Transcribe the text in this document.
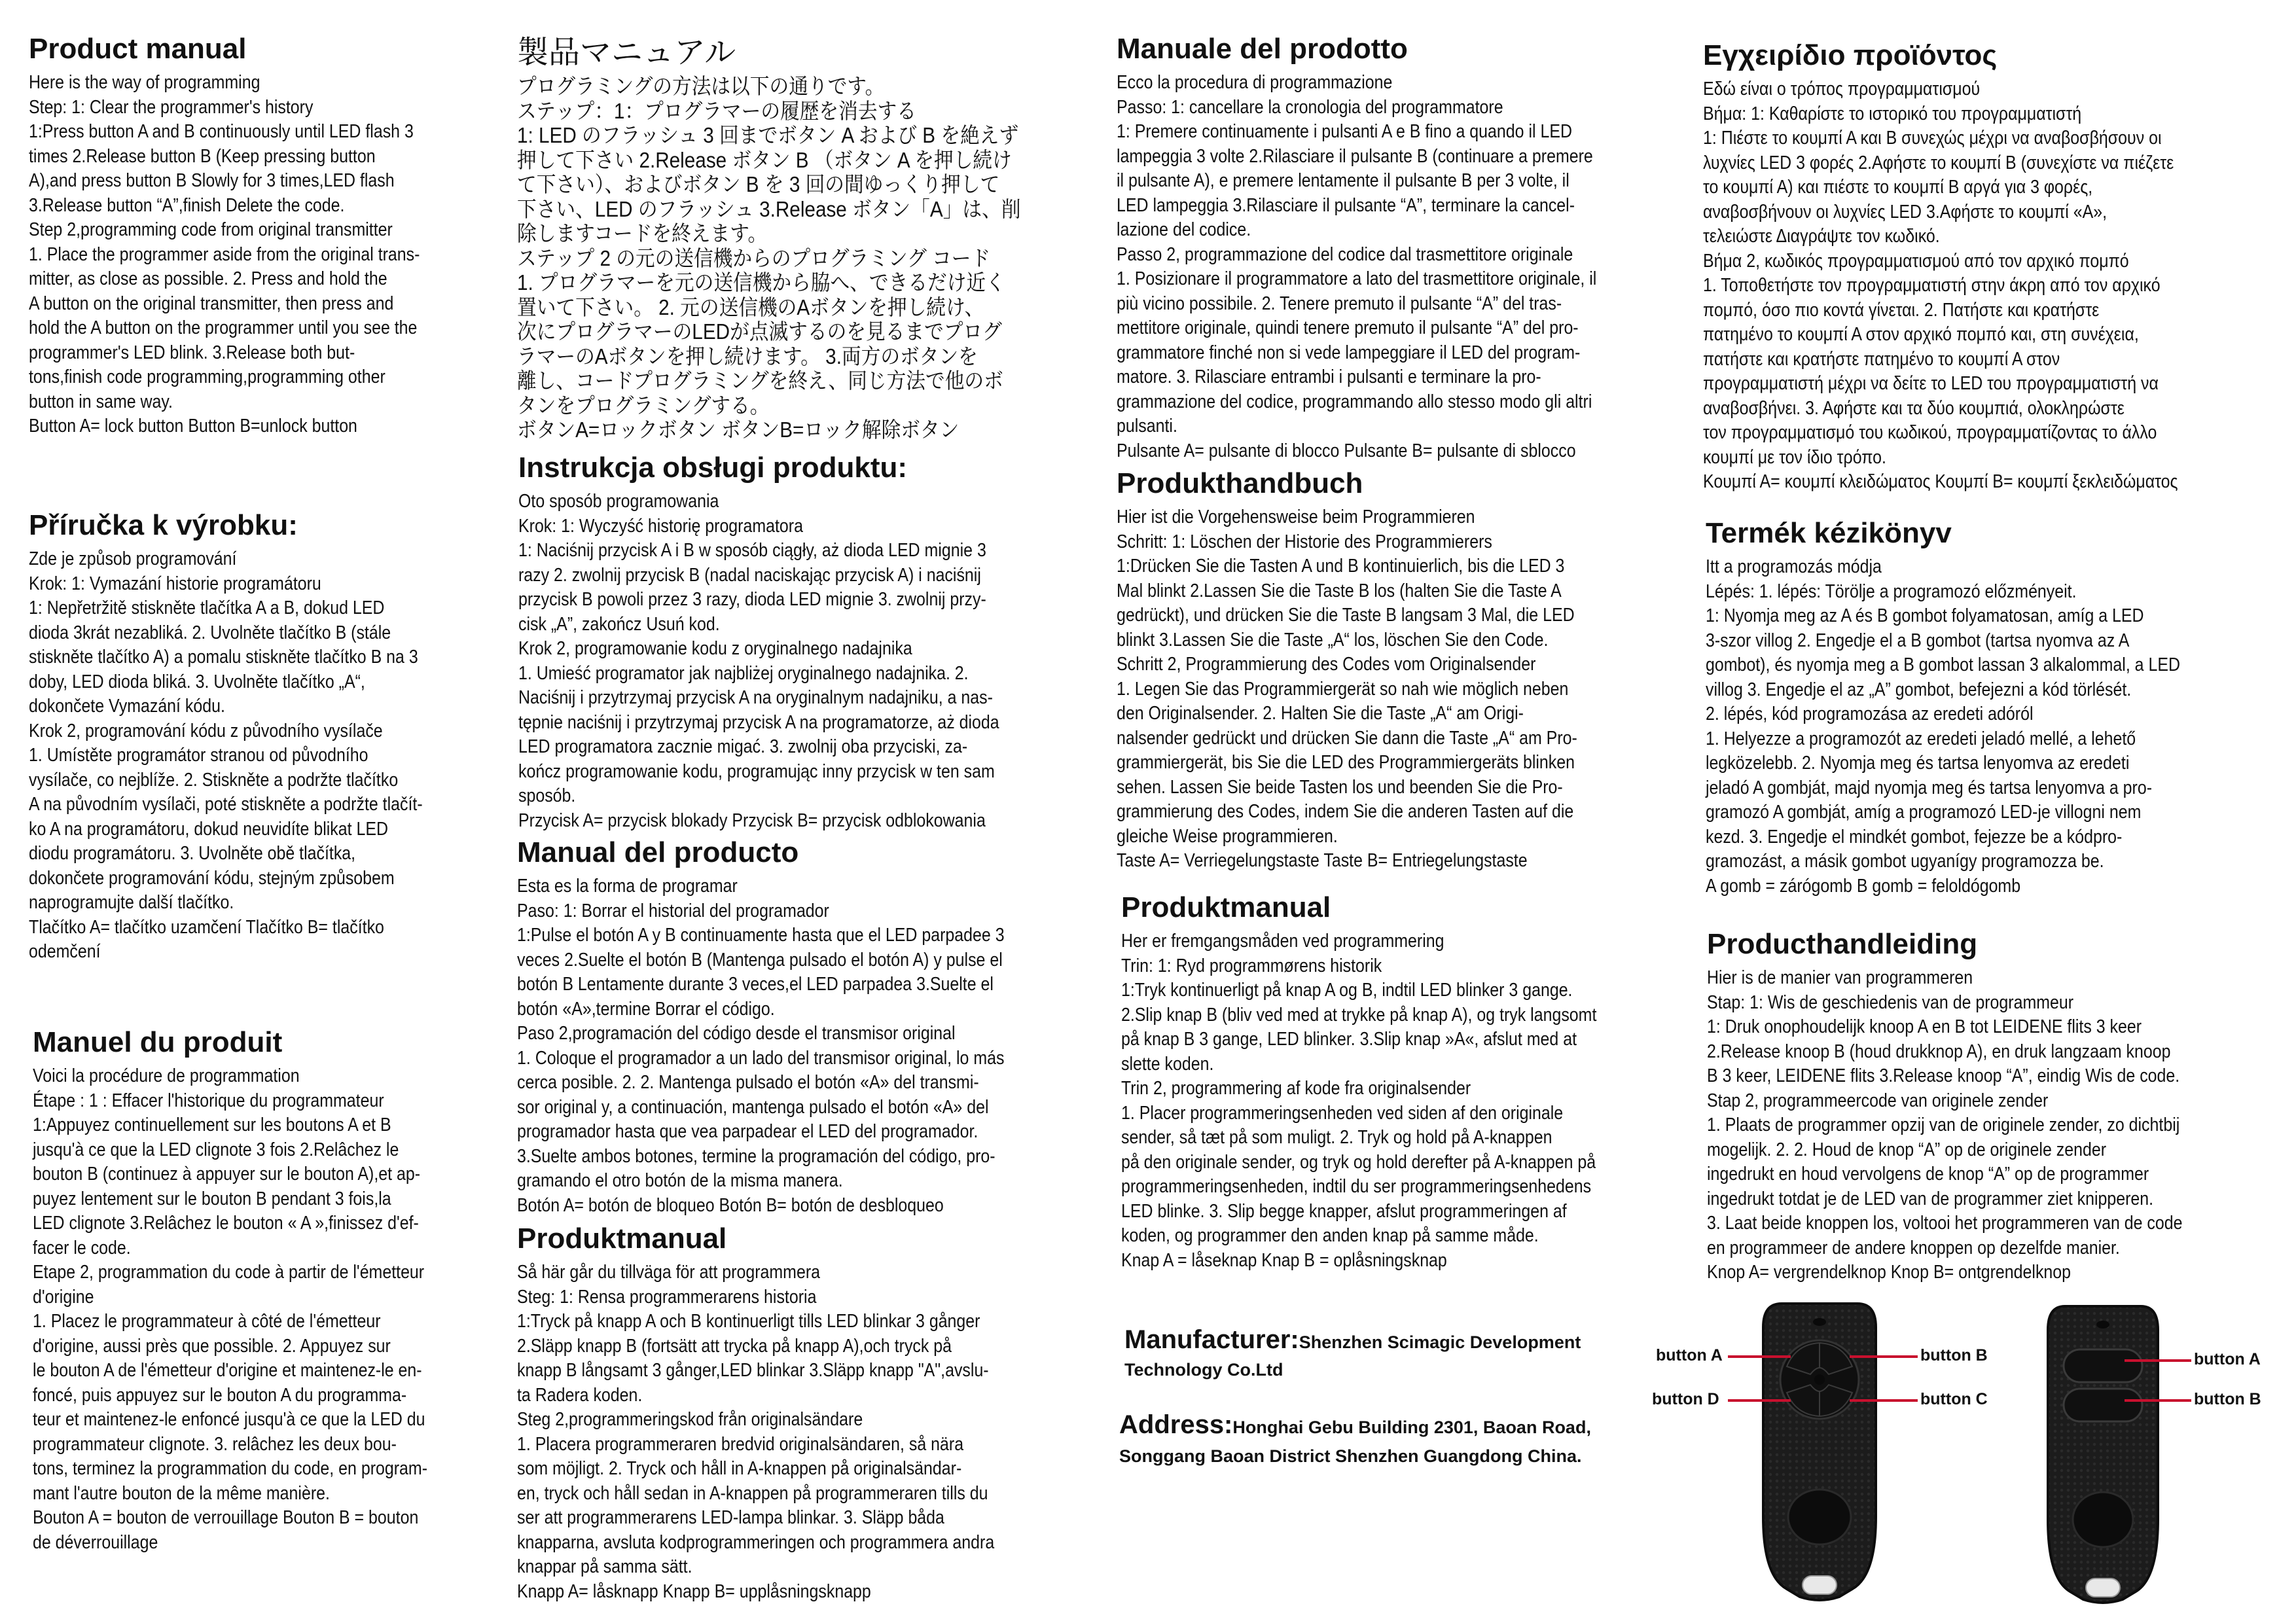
Product manual
Here is the way of programming
Step: 1: Clear the programmer's history
1:Press button A and B continuously until LED flash 3
times 2.Release button B (Keep pressing button
A),and press button B Slowly for 3 times,LED flash
3.Release button “A”,finish Delete the code.
Step 2,programming code from original transmitter
1. Place the programmer aside from the original trans-
mitter, as close as possible. 2. Press and hold the
A button on the original transmitter, then press and
hold the A button on the programmer until you see the
programmer's LED blink. 3.Release both but-
tons,finish code programming,programming other
button in same way.
Button A= lock button Button B=unlock button
Příručka k výrobku:
Zde je způsob programování
Krok: 1: Vymazání historie programátoru
1: Nepřetržitě stiskněte tlačítka A a B, dokud LED
dioda 3krát nezabliká. 2. Uvolněte tlačítko B (stále
stiskněte tlačítko A) a pomalu stiskněte tlačítko B na 3
doby, LED dioda bliká. 3. Uvolněte tlačítko „A“,
dokončete Vymazání kódu.
Krok 2, programování kódu z původního vysílače
1. Umístěte programátor stranou od původního
vysílače, co nejblíže. 2. Stiskněte a podržte tlačítko
A na původním vysílači, poté stiskněte a podržte tlačít-
ko A na programátoru, dokud neuvidíte blikat LED
diodu programátoru. 3. Uvolněte obě tlačítka,
dokončete programování kódu, stejným způsobem
naprogramujte další tlačítko.
Tlačítko A= tlačítko uzamčení Tlačítko B= tlačítko
odemčení
Manuel du produit
Voici la procédure de programmation
Étape : 1 : Effacer l'historique du programmateur
1:Appuyez continuellement sur les boutons A et B
jusqu'à ce que la LED clignote 3 fois 2.Relâchez le
bouton B (continuez à appuyer sur le bouton A),et ap-
puyez lentement sur le bouton B pendant 3 fois,la
LED clignote 3.Relâchez le bouton « A »,finissez d'ef-
facer le code.
Etape 2, programmation du code à partir de l'émetteur
d'origine
1. Placez le programmateur à côté de l'émetteur
d'origine, aussi près que possible. 2. Appuyez sur
le bouton A de l'émetteur d'origine et maintenez-le en-
foncé, puis appuyez sur le bouton A du programma-
teur et maintenez-le enfoncé jusqu'à ce que la LED du
programmateur clignote. 3. relâchez les deux bou-
tons, terminez la programmation du code, en program-
mant l'autre bouton de la même manière.
Bouton A = bouton de verrouillage Bouton B = bouton
de déverrouillage
製品マニュアル
プログラミングの方法は以下の通りです。
ステップ：1：プログラマーの履歴を消去する
1: LED のフラッシュ 3 回までボタン A および B を絶えず
押して下さい 2.Release ボタン B （ボタン A を押し続け
て下さい）、およびボタン B を 3 回の間ゆっくり押して
下さい、LED のフラッシュ 3.Release ボタン「A」は、削
除しますコードを終えます。
ステップ 2 の元の送信機からのプログラミング コード
1. プログラマーを元の送信機から脇へ、できるだけ近く
置いて下さい。 2. 元の送信機のAボタンを押し続け、
次にプログラマーのLEDが点滅するのを見るまでプログ
ラマーのAボタンを押し続けます。 3.両方のボタンを
離し、コードプログラミングを終え、同じ方法で他のボ
タンをプログラミングする。
ボタンA=ロックボタン ボタンB=ロック解除ボタン
Instrukcja obsługi produktu:
Oto sposób programowania
Krok: 1: Wyczyść historię programatora
1: Naciśnij przycisk A i B w sposób ciągły, aż dioda LED mignie 3
razy 2. zwolnij przycisk B (nadal naciskając przycisk A) i naciśnij
przycisk B powoli przez 3 razy, dioda LED mignie 3. zwolnij przy-
cisk „A”, zakończ Usuń kod.
Krok 2, programowanie kodu z oryginalnego nadajnika
1. Umieść programator jak najbliżej oryginalnego nadajnika. 2.
Naciśnij i przytrzymaj przycisk A na oryginalnym nadajniku, a nas-
tępnie naciśnij i przytrzymaj przycisk A na programatorze, aż dioda
LED programatora zacznie migać. 3. zwolnij oba przyciski, za-
kończ programowanie kodu, programując inny przycisk w ten sam
sposób.
Przycisk A= przycisk blokady Przycisk B= przycisk odblokowania
Manual del producto
Esta es la forma de programar
Paso: 1: Borrar el historial del programador
1:Pulse el botón A y B continuamente hasta que el LED parpadee 3
veces 2.Suelte el botón B (Mantenga pulsado el botón A) y pulse el
botón B Lentamente durante 3 veces,el LED parpadea 3.Suelte el
botón «A»,termine Borrar el código.
Paso 2,programación del código desde el transmisor original
1. Coloque el programador a un lado del transmisor original, lo más
cerca posible. 2. 2. Mantenga pulsado el botón «A» del transmi-
sor original y, a continuación, mantenga pulsado el botón «A» del
programador hasta que vea parpadear el LED del programador.
3.Suelte ambos botones, termine la programación del código, pro-
gramando el otro botón de la misma manera.
Botón A= botón de bloqueo Botón B= botón de desbloqueo
Produktmanual
Så här går du tillväga för att programmera
Steg: 1: Rensa programmerarens historia
1:Tryck på knapp A och B kontinuerligt tills LED blinkar 3 gånger
2.Släpp knapp B (fortsätt att trycka på knapp A),och tryck på
knapp B långsamt 3 gånger,LED blinkar 3.Släpp knapp "A",avslu-
ta Radera koden.
Steg 2,programmeringskod från originalsändare
1. Placera programmeraren bredvid originalsändaren, så nära
som möjligt. 2. Tryck och håll in A-knappen på originalsändar-
en, tryck och håll sedan in A-knappen på programmeraren tills du
ser att programmerarens LED-lampa blinkar. 3. Släpp båda
knapparna, avsluta kodprogrammeringen och programmera andra
knappar på samma sätt.
Knapp A= låsknapp Knapp B= upplåsningsknapp
Manuale del prodotto
Ecco la procedura di programmazione
Passo: 1: cancellare la cronologia del programmatore
1: Premere continuamente i pulsanti A e B fino a quando il LED
lampeggia 3 volte 2.Rilasciare il pulsante B (continuare a premere
il pulsante A), e premere lentamente il pulsante B per 3 volte, il
LED lampeggia 3.Rilasciare il pulsante “A”, terminare la cancel-
lazione del codice.
Passo 2, programmazione del codice dal trasmettitore originale
1. Posizionare il programmatore a lato del trasmettitore originale, il
più vicino possibile. 2. Tenere premuto il pulsante “A” del tras-
mettitore originale, quindi tenere premuto il pulsante “A” del pro-
grammatore finché non si vede lampeggiare il LED del program-
matore. 3. Rilasciare entrambi i pulsanti e terminare la pro-
grammazione del codice, programmando allo stesso modo gli altri
pulsanti.
Pulsante A= pulsante di blocco Pulsante B= pulsante di sblocco
Produkthandbuch
Hier ist die Vorgehensweise beim Programmieren
Schritt: 1: Löschen der Historie des Programmierers
1:Drücken Sie die Tasten A und B kontinuierlich, bis die LED 3
Mal blinkt 2.Lassen Sie die Taste B los (halten Sie die Taste A
gedrückt), und drücken Sie die Taste B langsam 3 Mal, die LED
blinkt 3.Lassen Sie die Taste „A“ los, löschen Sie den Code.
Schritt 2, Programmierung des Codes vom Originalsender
1. Legen Sie das Programmiergerät so nah wie möglich neben
den Originalsender. 2. Halten Sie die Taste „A“ am Origi-
nalsender gedrückt und drücken Sie dann die Taste „A“ am Pro-
grammiergerät, bis Sie die LED des Programmiergeräts blinken
sehen. Lassen Sie beide Tasten los und beenden Sie die Pro-
grammierung des Codes, indem Sie die anderen Tasten auf die
gleiche Weise programmieren.
Taste A= Verriegelungstaste Taste B= Entriegelungstaste
Produktmanual
Her er fremgangsmåden ved programmering
Trin: 1: Ryd programmørens historik
1:Tryk kontinuerligt på knap A og B, indtil LED blinker 3 gange.
2.Slip knap B (bliv ved med at trykke på knap A), og tryk langsomt
på knap B 3 gange, LED blinker. 3.Slip knap »A«, afslut med at
slette koden.
Trin 2, programmering af kode fra originalsender
1. Placer programmeringsenheden ved siden af den originale
sender, så tæt på som muligt. 2. Tryk og hold på A-knappen
på den originale sender, og tryk og hold derefter på A-knappen på
programmeringsenheden, indtil du ser programmeringsenhedens
LED blinke. 3. Slip begge knapper, afslut programmeringen af
koden, og programmer den anden knap på samme måde.
Knap A = låseknap Knap B = oplåsningsknap
Manufacturer:Shenzhen Scimagic Development
Technology Co.Ltd
Address:Honghai Gebu Building 2301, Baoan Road,
Songgang Baoan District Shenzhen Guangdong China.
Εγχειρίδιο προϊόντος
Εδώ είναι ο τρόπος προγραμματισμού
Βήμα: 1: Καθαρίστε το ιστορικό του προγραμματιστή
1: Πιέστε το κουμπί Α και Β συνεχώς μέχρι να αναβοσβήσουν οι
λυχνίες LED 3 φορές 2.Αφήστε το κουμπί Β (συνεχίστε να πιέζετε
το κουμπί Α) και πιέστε το κουμπί Β αργά για 3 φορές,
αναβοσβήνουν οι λυχνίες LED 3.Αφήστε το κουμπί «Α»,
τελειώστε Διαγράψτε τον κωδικό.
Βήμα 2, κωδικός προγραμματισμού από τον αρχικό πομπό
1. Τοποθετήστε τον προγραμματιστή στην άκρη από τον αρχικό
πομπό, όσο πιο κοντά γίνεται. 2. Πατήστε και κρατήστε
πατημένο το κουμπί Α στον αρχικό πομπό και, στη συνέχεια,
πατήστε και κρατήστε πατημένο το κουμπί Α στον
προγραμματιστή μέχρι να δείτε το LED του προγραμματιστή να
αναβοσβήνει. 3. Αφήστε και τα δύο κουμπιά, ολοκληρώστε
τον προγραμματισμό του κωδικού, προγραμματίζοντας το άλλο
κουμπί με τον ίδιο τρόπο.
Κουμπί Α= κουμπί κλειδώματος Κουμπί Β= κουμπί ξεκλειδώματος
Termék kézikönyv
Itt a programozás módja
Lépés: 1. lépés: Törölje a programozó előzményeit.
1: Nyomja meg az A és B gombot folyamatosan, amíg a LED
3-szor villog 2. Engedje el a B gombot (tartsa nyomva az A
gombot), és nyomja meg a B gombot lassan 3 alkalommal, a LED
villog 3. Engedje el az „A” gombot, befejezni a kód törlését.
2. lépés, kód programozása az eredeti adóról
1. Helyezze a programozót az eredeti jeladó mellé, a lehető
legközelebb. 2. Nyomja meg és tartsa lenyomva az eredeti
jeladó A gombját, majd nyomja meg és tartsa lenyomva a pro-
gramozó A gombját, amíg a programozó LED-je villogni nem
kezd. 3. Engedje el mindkét gombot, fejezze be a kódpro-
gramozást, a másik gombot ugyanígy programozza be.
A gomb = zárógomb B gomb = feloldógomb
Producthandleiding
Hier is de manier van programmeren
Stap: 1: Wis de geschiedenis van de programmeur
1: Druk onophoudelijk knoop A en B tot LEIDENE flits 3 keer
2.Release knoop B (houd drukknop A), en druk langzaam knoop
B 3 keer, LEIDENE flits 3.Release knoop “A”, eindig Wis de code.
Stap 2, programmeercode van originele zender
1. Plaats de programmer opzij van de originele zender, zo dichtbij
mogelijk. 2. 2. Houd de knop “A” op de originele zender
ingedrukt en houd vervolgens de knop “A” op de programmer
ingedrukt totdat je de LED van de programmer ziet knipperen.
3. Laat beide knoppen los, voltooi het programmeren van de code
en programmeer de andere knoppen op dezelfde manier.
Knop A= vergrendelknop Knop B= ontgrendelknop
button A	button B
button D	button C
button A
button B
